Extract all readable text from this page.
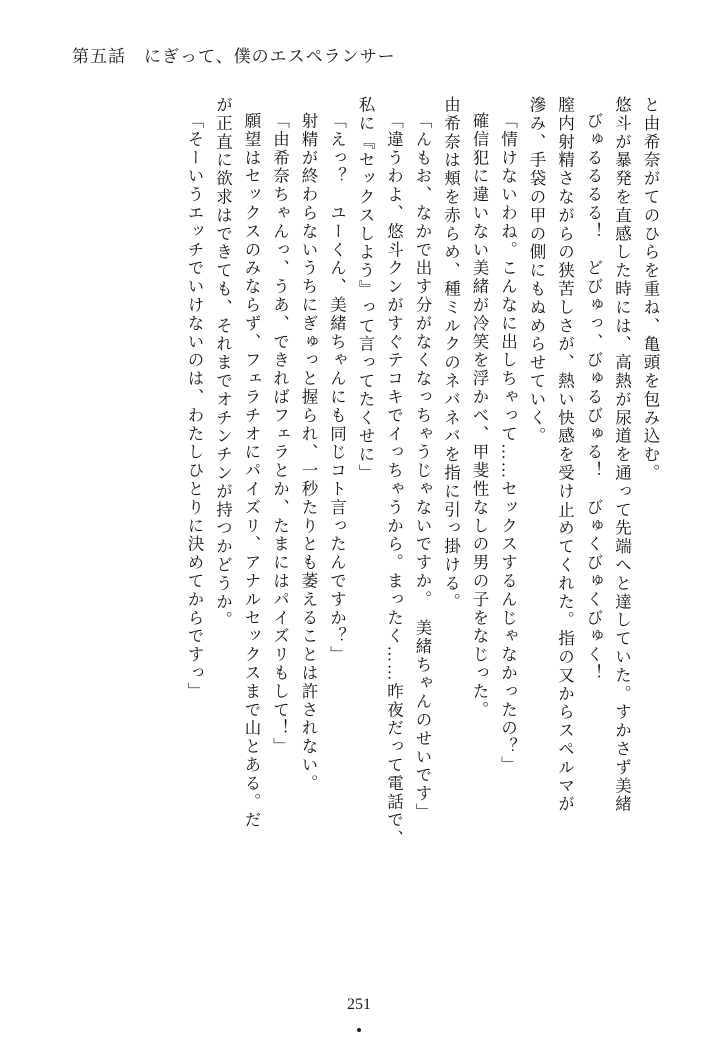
第五話 にぎって、僕のエスペランサー
と由希奈がてのひらを重ね、亀頭を包み込む。
悠斗が暴発を直感した時には、高熱が尿道を通って先端へと達していた。すかさず美緒
びゅるるるる！　どびゅっ、びゅるびゅる！　びゅくびゅくびゅく！
膣内射精さながらの狭苦しさが、熱い快感を受け止めてくれた。指の又からスペルマが
滲み、手袋の甲の側にもぬめらせていく。
「情けないわね。こんなに出しちゃって……セックスするんじゃなかったの？」
確信犯に違いない美緒が冷笑を浮かべ、甲斐性なしの男の子をなじった。
由希奈は頬を赤らめ、種ミルクのネバネバを指に引っ掛ける。
「んもお、なかで出す分がなくなっちゃうじゃないですか。　美緒ちゃんのせいです」
「違うわよ、悠斗クンがすぐテコキでイっちゃうから。まったく……昨夜だって電話で、
私に『セックスしよう』って言ってたくせに」
「えっ？　ユーくん、美緒ちゃんにも同じコト言ったんですか？」
射精が終わらないうちにぎゅっと握られ、一秒たりとも萎えることは許されない。
「由希奈ちゃんっ、うあ、できればフェラとか、たまにはパイズリもして！」
願望はセックスのみならず、フェラチオにパイズリ、アナルセックスまで山とある。だ
が正直に欲求はできても、それまでオチンチンが持つかどうか。
「そーいうエッチでいけないのは、わたしひとりに決めてからですっ」
251
